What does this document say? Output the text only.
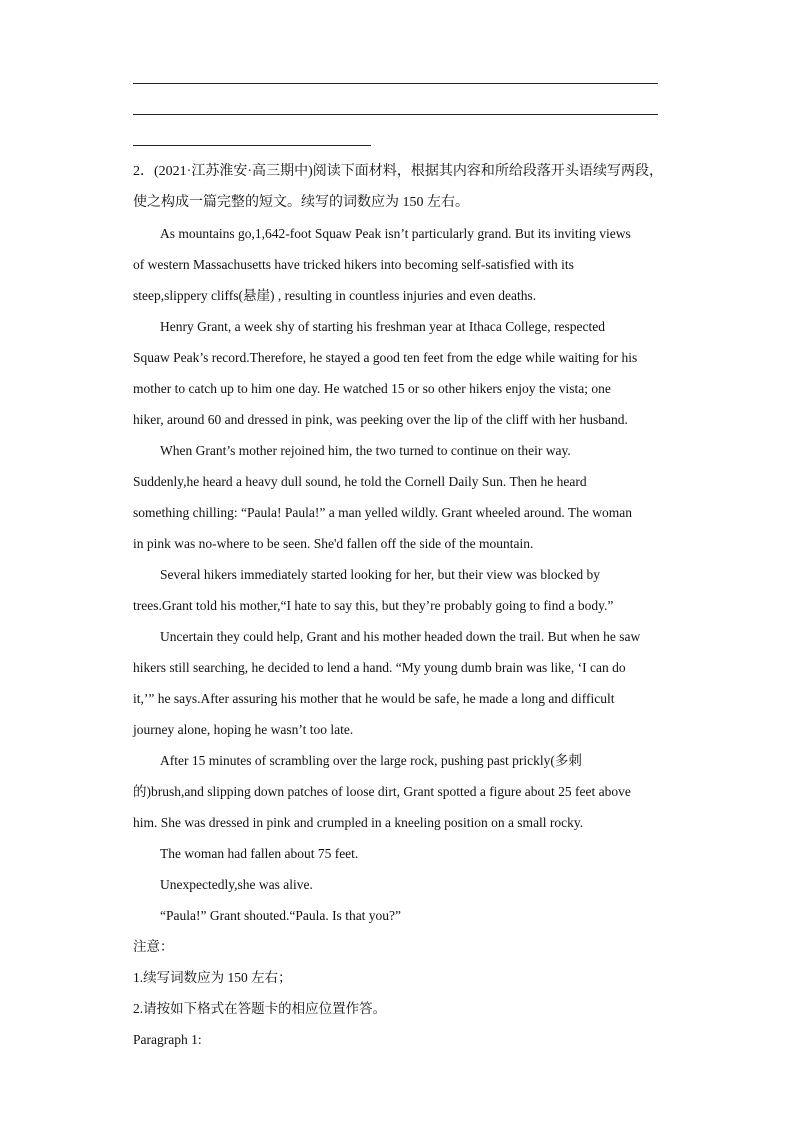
2．(2021·江苏淮安·高三期中)阅读下面材料，根据其内容和所给段落开头语续写两段，
使之构成一篇完整的短文。续写的词数应为 150 左右。
As mountains go,1,642-foot Squaw Peak isn’t particularly grand. But its inviting views
of western Massachusetts have tricked hikers into becoming self-satisfied with its
steep,slippery cliffs(悬崖) , resulting in countless injuries and even deaths.
Henry Grant, a week shy of starting his freshman year at Ithaca College, respected
Squaw Peak’s record.Therefore, he stayed a good ten feet from the edge while waiting for his
mother to catch up to him one day. He watched 15 or so other hikers enjoy the vista; one
hiker, around 60 and dressed in pink, was peeking over the lip of the cliff with her husband.
When Grant’s mother rejoined him, the two turned to continue on their way.
Suddenly,he heard a heavy dull sound, he told the Cornell Daily Sun. Then he heard
something chilling: “Paula! Paula!” a man yelled wildly. Grant wheeled around. The woman
in pink was no-where to be seen. She'd fallen off the side of the mountain.
Several hikers immediately started looking for her, but their view was blocked by
trees.Grant told his mother,“I hate to say this, but they’re probably going to find a body.”
Uncertain they could help, Grant and his mother headed down the trail. But when he saw
hikers still searching, he decided to lend a hand. “My young dumb brain was like, ‘I can do
it,’” he says.After assuring his mother that he would be safe, he made a long and difficult
journey alone, hoping he wasn’t too late.
After 15 minutes of scrambling over the large rock, pushing past prickly(多刺
的)brush,and slipping down patches of loose dirt, Grant spotted a figure about 25 feet above
him. She was dressed in pink and crumpled in a kneeling position on a small rocky.
The woman had fallen about 75 feet.
Unexpectedly,she was alive.
“Paula!” Grant shouted.“Paula. Is that you?”
注意：
1.续写词数应为 150 左右；
2.请按如下格式在答题卡的相应位置作答。
Paragraph 1:
